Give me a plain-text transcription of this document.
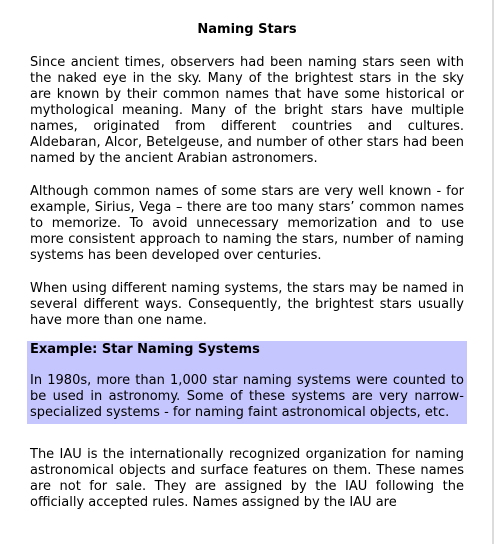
Naming Stars

Since ancient times, observers had been naming stars seen with the naked eye in the sky. Many of the brightest stars in the sky are known by their common names that have some historical or mythological meaning. Many of the bright stars have multiple names, originated from different countries and cultures. Aldebaran, Alcor, Betelgeuse, and number of other stars had been named by the ancient Arabian astronomers.

Although common names of some stars are very well known - for example, Sirius, Vega – there are too many stars’ common names to memorize. To avoid unnecessary memorization and to use more consistent approach to naming the stars, number of naming systems has been developed over centuries.

When using different naming systems, the stars may be named in several different ways. Consequently, the brightest stars usually have more than one name.

Example: Star Naming Systems

In 1980s, more than 1,000 star naming systems were counted to be used in astronomy. Some of these systems are very narrow-specialized systems - for naming faint astronomical objects, etc.

The IAU is the internationally recognized organization for naming astronomical objects and surface features on them. These names are not for sale. They are assigned by the IAU following the officially accepted rules. Names assigned by the IAU are
